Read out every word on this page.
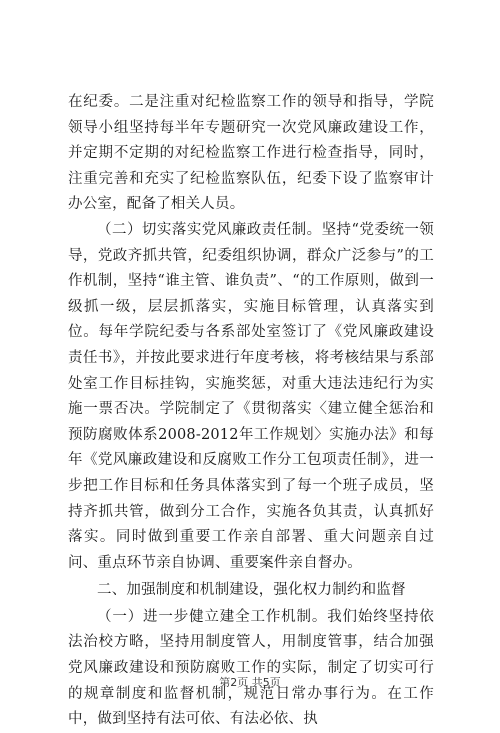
在纪委。二是注重对纪检监察工作的领导和指导，学院领导小组坚持每半年专题研究一次党风廉政建设工作，并定期不定期的对纪检监察工作进行检查指导，同时，注重完善和充实了纪检监察队伍，纪委下设了监察审计办公室，配备了相关人员。

（二）切实落实党风廉政责任制。坚持“党委统一领导，党政齐抓共管，纪委组织协调，群众广泛参与”的工作机制，坚持“谁主管、谁负责”、“的工作原则，做到一级抓一级，层层抓落实，实施目标管理，认真落实到位。每年学院纪委与各系部处室签订了《党风廉政建设责任书》，并按此要求进行年度考核，将考核结果与系部处室工作目标挂钩，实施奖惩，对重大违法违纪行为实施一票否决。学院制定了《贯彻落实〈建立健全惩治和预防腐败体系2008-2012年工作规划〉实施办法》和每年《党风廉政建设和反腐败工作分工包项责任制》，进一步把工作目标和任务具体落实到了每一个班子成员，坚持齐抓共管，做到分工合作，实施各负其责，认真抓好落实。同时做到重要工作亲自部署、重大问题亲自过问、重点环节亲自协调、重要案件亲自督办。

二、加强制度和机制建设，强化权力制约和监督

（一）进一步健立建全工作机制。我们始终坚持依法治校方略，坚持用制度管人，用制度管事，结合加强党风廉政建设和预防腐败工作的实际，制定了切实可行的规章制度和监督机制，规范日常办事行为。在工作中，做到坚持有法可依、有法必依、执

第2页 共5页
